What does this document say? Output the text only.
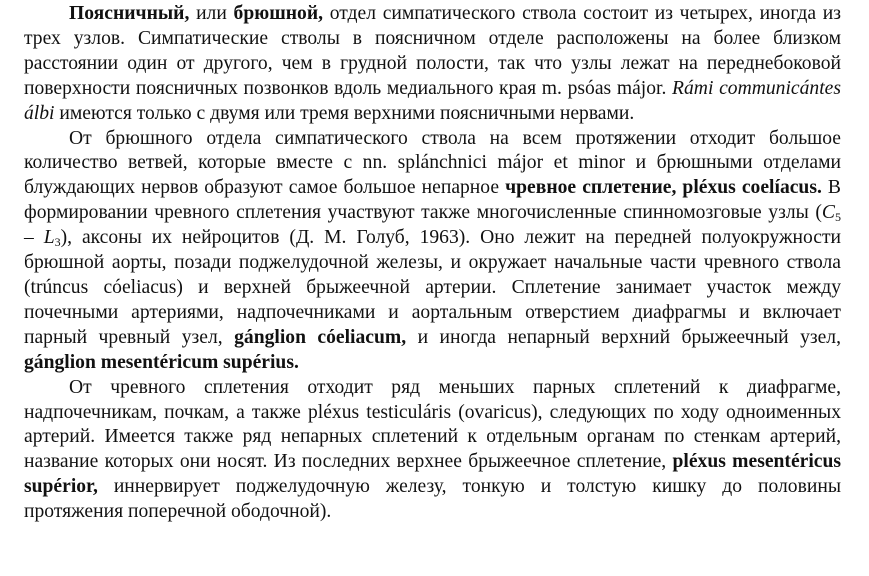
Поясничный, или брюшной, отдел симпатического ствола состоит из четырех, иногда из трех узлов. Симпатические стволы в поясничном отделе расположены на более близком расстоянии один от другого, чем в грудной полости, так что узлы лежат на переднебоковой поверхности поясничных позвонков вдоль медиального края m. psóas májor. Rámi communicántes álbi имеются только с двумя или тремя верхними поясничными нервами.

От брюшного отдела симпатического ствола на всем протяжении отходит большое количество ветвей, которые вместе с nn. splánchnici májor et minor и брюшными отделами блуждающих нервов образуют самое большое непарное чревное сплетение, pléxus coelíacus. В формировании чревного сплетения участвуют также многочисленные спинномозговые узлы $(C_5 - L_3)$, аксоны их нейроцитов (Д. М. Голуб, 1963). Оно лежит на передней полуокружности брюшной аорты, позади поджелудочной железы, и окружает начальные части чревного ствола (trúncus cóeliacus) и верхней брыжеечной артерии. Сплетение занимает участок между почечными артериями, надпочечниками и аортальным отверстием диафрагмы и включает парный чревный узел, gánglion cóeliacum, и иногда непарный верхний брыжеечный узел, gánglion mesentéricum supérius.

От чревного сплетения отходит ряд меньших парных сплетений к диафрагме, надпочечникам, почкам, а также pléxus testiculáris (ovaricus), следующих по ходу одноименных артерий. Имеется также ряд непарных сплетений к отдельным органам по стенкам артерий, название которых они носят. Из последних верхнее брыжеечное сплетение, pléxus mesentéricus supérior, иннервирует поджелудочную железу, тонкую и толстую кишку до половины протяжения поперечной ободочной).
